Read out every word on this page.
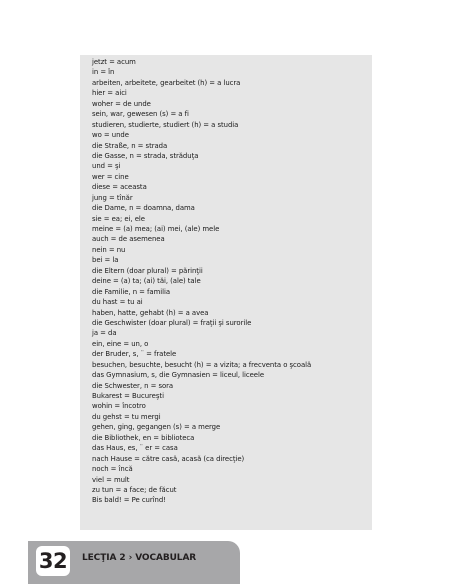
jetzt = acum
in = în
arbeiten, arbeitete, gearbeitet (h) = a lucra
hier = aici
woher = de unde
sein, war, gewesen (s) = a fi
studieren, studierte, studiert (h) = a studia
wo = unde
die Straße, n = strada
die Gasse, n = strada, străduţa
und = şi
wer = cine
diese = aceasta
jung = tînăr
die Dame, n = doamna, dama
sie = ea; ei, ele
meine = (a) mea; (ai) mei, (ale) mele
auch = de asemenea
nein = nu
bei = la
die Eltern (doar plural) = părinţii
deine = (a) ta; (ai) tăi, (ale) tale
die Familie, n = familia
du hast = tu ai
haben, hatte, gehabt (h) = a avea
die Geschwister (doar plural) = fraţii şi surorile
ja = da
ein, eine = un, o
der Bruder, s, ¨ = fratele
besuchen, besuchte, besucht (h) = a vizita; a frecventa o şcoală
das Gymnasium, s, die Gymnasien = liceul, liceele
die Schwester, n = sora
Bukarest = Bucureşti
wohin = încotro
du gehst = tu mergi
gehen, ging, gegangen (s) = a merge
die Bibliothek, en = biblioteca
das Haus, es, ¨ er = casa
nach Hause = către casă, acasă (ca direcţie)
noch = încă
viel = mult
zu tun = a face; de făcut
Bis bald! = Pe curînd!
32 LECŢIA 2 › VOCABULAR
